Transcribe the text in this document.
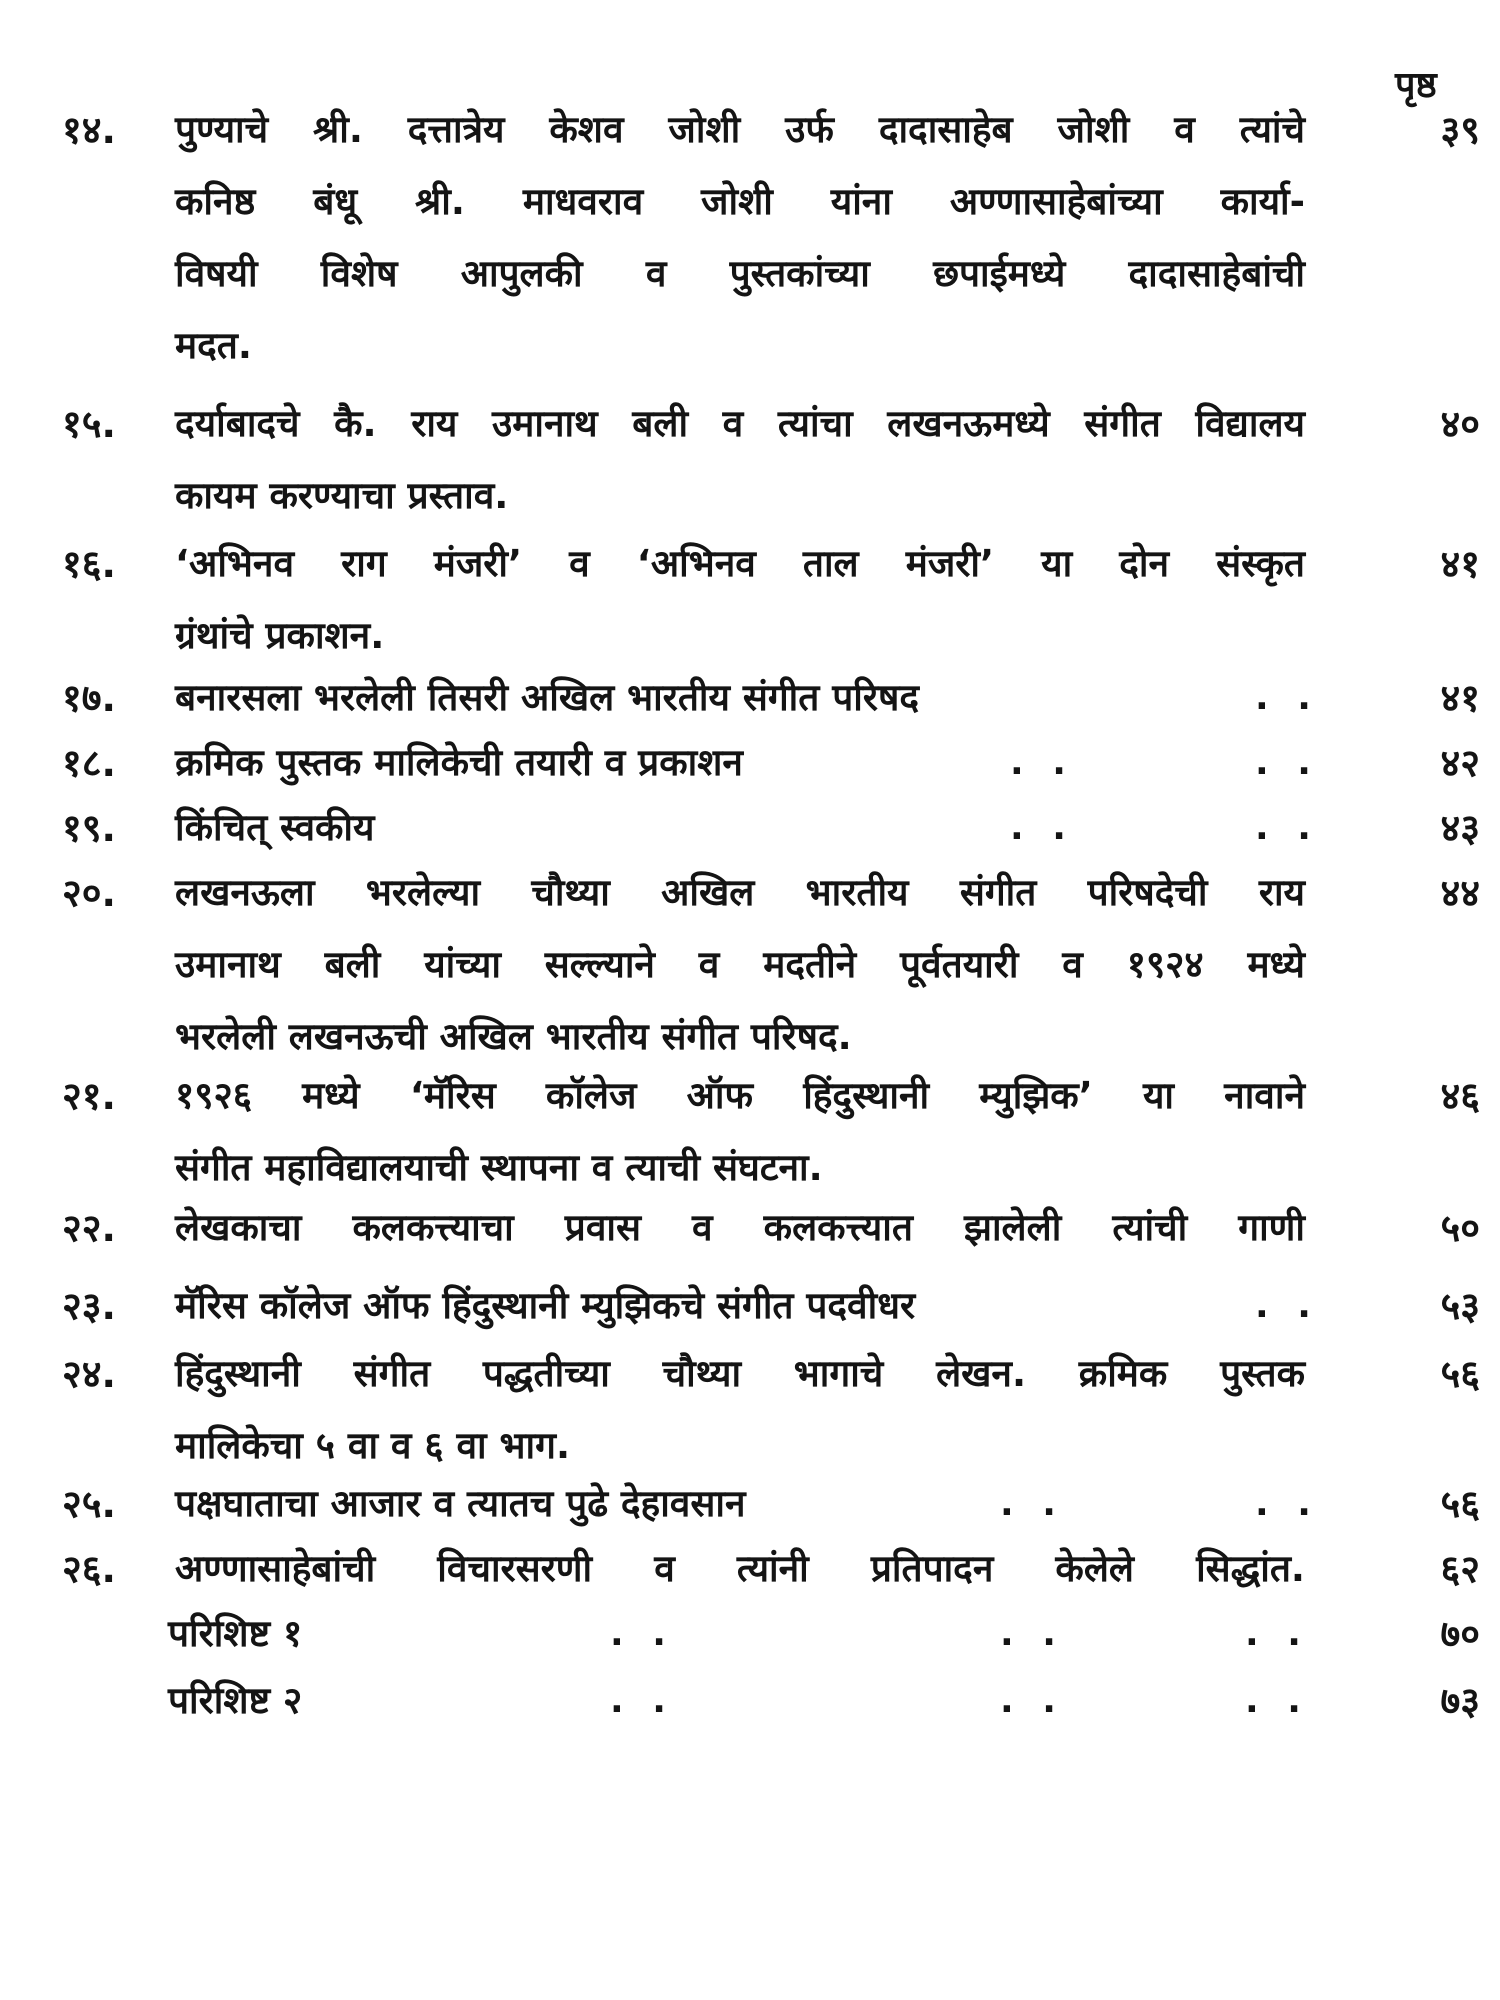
पृष्ठ
१४.	पुण्याचे श्री. दत्तात्रेय केशव जोशी उर्फ दादासाहेब जोशी व त्यांचे
कनिष्ठ बंधू श्री. माधवराव जोशी यांना अण्णासाहेबांच्या कार्या-
विषयी विशेष आपुलकी व पुस्तकांच्या छपाईमध्ये दादासाहेबांची
मदत.
३९
१५.	दर्याबादचे कै. राय उमानाथ बली व त्यांचा लखनऊमध्ये संगीत विद्यालय
कायम करण्याचा प्रस्ताव.
४०
१६.	‘अभिनव राग मंजरी’ व ‘अभिनव ताल मंजरी’ या दोन संस्कृत
ग्रंथांचे प्रकाशन.
४१
१७.	बनारसला भरलेली तिसरी अखिल भारतीय संगीत परिषद	. .	४१
१८.	क्रमिक पुस्तक मालिकेची तयारी व प्रकाशन	. .	. .	४२
१९.	किंचित् स्वकीय	. .	. .	४३
२०.	लखनऊला भरलेल्या चौथ्या अखिल भारतीय संगीत परिषदेची राय
उमानाथ बली यांच्या सल्ल्याने व मदतीने पूर्वतयारी व १९२४ मध्ये
भरलेली लखनऊची अखिल भारतीय संगीत परिषद.
४४
२१.	१९२६ मध्ये ‘मॅरिस कॉलेज ऑफ हिंदुस्थानी म्युझिक’ या नावाने
संगीत महाविद्यालयाची स्थापना व त्याची संघटना.
४६
२२.	लेखकाचा कलकत्त्याचा प्रवास व कलकत्त्यात झालेली त्यांची गाणी	५०
२३.	मॅरिस कॉलेज ऑफ हिंदुस्थानी म्युझिकचे संगीत पदवीधर	. .	५३
२४.	हिंदुस्थानी संगीत पद्धतीच्या चौथ्या भागाचे लेखन. क्रमिक पुस्तक
मालिकेचा ५ वा व ६ वा भाग.
५६
२५.	पक्षघाताचा आजार व त्यातच पुढे देहावसान	. .	. .	५६
२६.	अण्णासाहेबांची विचारसरणी व त्यांनी प्रतिपादन केलेले सिद्धांत.	६२
परिशिष्ट १	. .	. .	. .	७०
परिशिष्ट २	. .	. .	. .	७३
